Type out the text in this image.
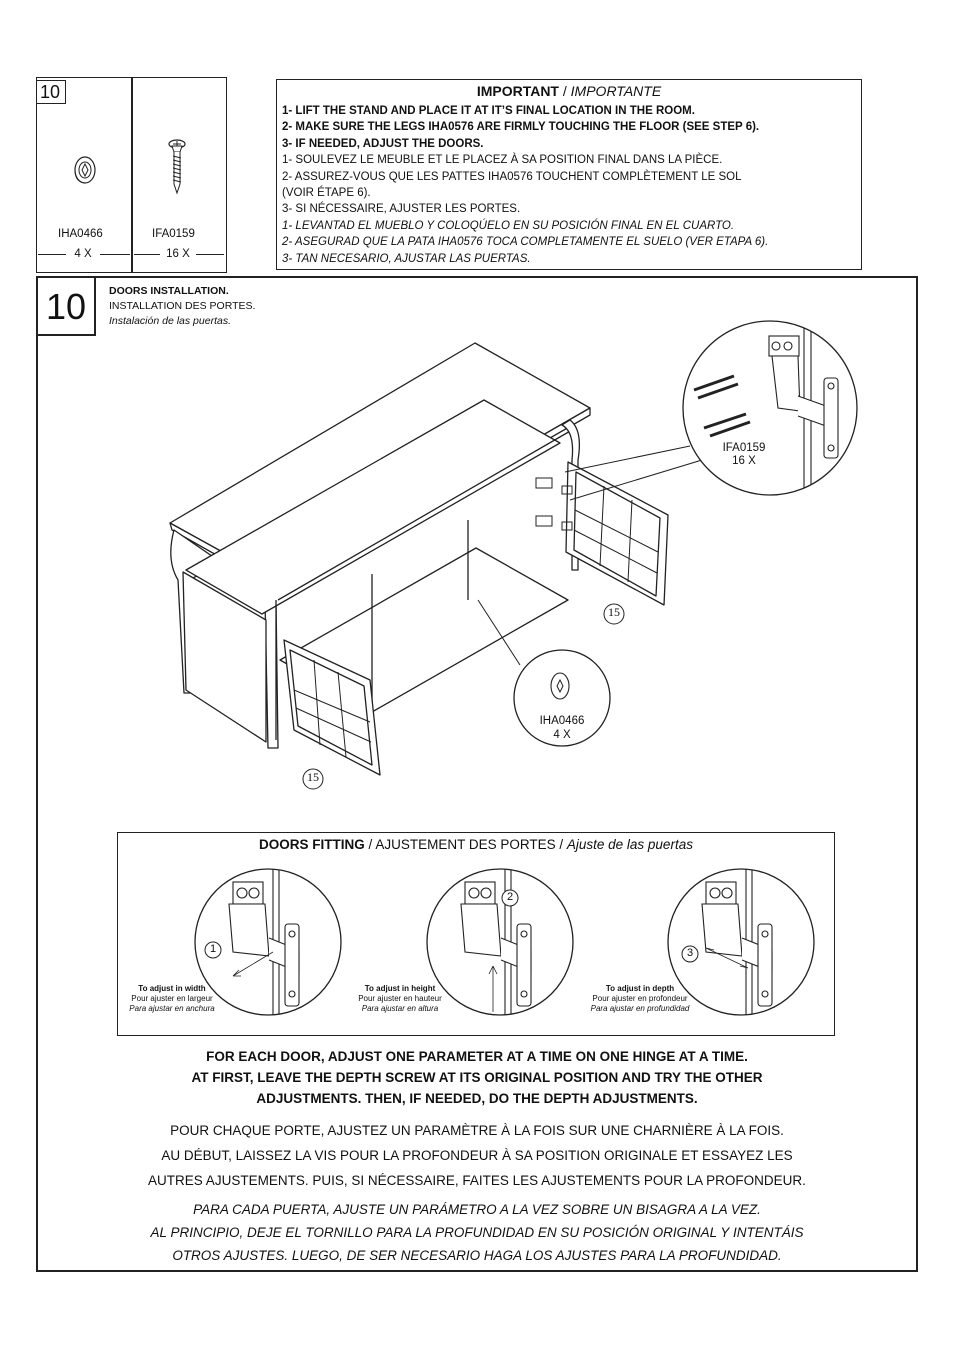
10
IHA0466	IFA0159
4 X	16 X
IMPORTANT / IMPORTANTE
1- LIFT THE STAND AND PLACE IT AT IT’S FINAL LOCATION IN THE ROOM.
2- MAKE SURE THE LEGS IHA0576 ARE FIRMLY TOUCHING THE FLOOR (SEE STEP 6).
3- IF NEEDED, ADJUST THE DOORS.
1- SOULEVEZ LE MEUBLE ET LE PLACEZ À SA POSITION FINAL DANS LA PIÈCE.
2- ASSUREZ-VOUS QUE LES PATTES IHA0576 TOUCHENT COMPLÈTEMENT LE SOL
(VOIR ÉTAPE 6).
3- SI NÉCESSAIRE, AJUSTER LES PORTES.
1- LEVANTAD EL MUEBLO Y COLOQÚELO EN SU POSICIÓN FINAL EN EL CUARTO.
2- ASEGURAD QUE LA PATA IHA0576 TOCA COMPLETAMENTE EL SUELO (VER ETAPA 6).
3- TAN NECESARIO, AJUSTAR LAS PUERTAS.
10	DOORS INSTALLATION.
INSTALLATION DES PORTES.
Instalación de las puertas.
15
15
IFA0159
16 X
IHA0466
4 X
DOORS FITTING / AJUSTEMENT DES PORTES / Ajuste de las puertas
1
2
3
To adjust in width
Pour ajuster en largeur
Para ajustar en anchura
To adjust in height
Pour ajuster en hauteur
Para ajustar en altura
To adjust in depth
Pour ajuster en profondeur
Para ajustar en profundidad
FOR EACH DOOR, ADJUST ONE PARAMETER AT A TIME ON ONE HINGE AT A TIME.
AT FIRST, LEAVE THE DEPTH SCREW AT ITS ORIGINAL POSITION AND TRY THE OTHER
ADJUSTMENTS. THEN, IF NEEDED, DO THE DEPTH ADJUSTMENTS.
POUR CHAQUE PORTE, AJUSTEZ UN PARAMÈTRE À LA FOIS SUR UNE CHARNIÈRE À LA FOIS.
AU DÉBUT, LAISSEZ LA VIS POUR LA PROFONDEUR À SA POSITION ORIGINALE ET ESSAYEZ LES
AUTRES AJUSTEMENTS. PUIS, SI NÉCESSAIRE, FAITES LES AJUSTEMENTS POUR LA PROFONDEUR.
PARA CADA PUERTA, AJUSTE UN PARÁMETRO A LA VEZ SOBRE UN BISAGRA A LA VEZ.
AL PRINCIPIO, DEJE EL TORNILLO PARA LA PROFUNDIDAD EN SU POSICIÓN ORIGINAL Y INTENTÁIS
OTROS AJUSTES. LUEGO, DE SER NECESARIO HAGA LOS AJUSTES PARA LA PROFUNDIDAD.
